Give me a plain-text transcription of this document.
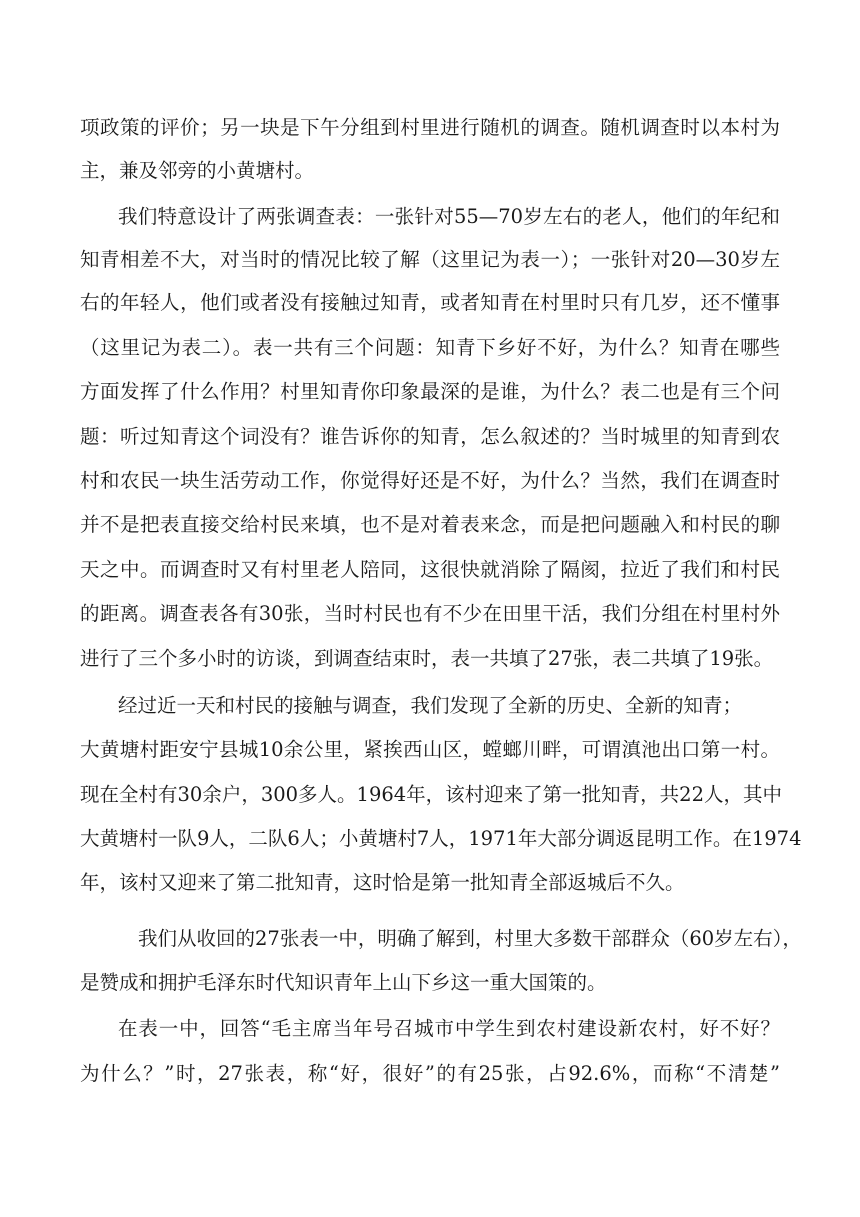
项政策的评价；另一块是下午分组到村里进行随机的调查。随机调查时以本村为
主，兼及邻旁的小黄塘村。
我们特意设计了两张调查表：一张针对55—70岁左右的老人，他们的年纪和
知青相差不大，对当时的情况比较了解（这里记为表一）；一张针对20—30岁左
右的年轻人，他们或者没有接触过知青，或者知青在村里时只有几岁，还不懂事
（这里记为表二）。表一共有三个问题：知青下乡好不好，为什么？知青在哪些
方面发挥了什么作用？村里知青你印象最深的是谁，为什么？表二也是有三个问
题：听过知青这个词没有？谁告诉你的知青，怎么叙述的？当时城里的知青到农
村和农民一块生活劳动工作，你觉得好还是不好，为什么？当然，我们在调查时
并不是把表直接交给村民来填，也不是对着表来念，而是把问题融入和村民的聊
天之中。而调查时又有村里老人陪同，这很快就消除了隔阂，拉近了我们和村民
的距离。调查表各有30张，当时村民也有不少在田里干活，我们分组在村里村外
进行了三个多小时的访谈，到调查结束时，表一共填了27张，表二共填了19张。
经过近一天和村民的接触与调查，我们发现了全新的历史、全新的知青；
大黄塘村距安宁县城10余公里，紧挨西山区，螳螂川畔，可谓滇池出口第一村。
现在全村有30余户，300多人。1964年，该村迎来了第一批知青，共22人，其中
大黄塘村一队9人，二队6人；小黄塘村7人，1971年大部分调返昆明工作。在1974
年，该村又迎来了第二批知青，这时恰是第一批知青全部返城后不久。
我们从收回的27张表一中，明确了解到，村里大多数干部群众（60岁左右），
是赞成和拥护毛泽东时代知识青年上山下乡这一重大国策的。
在表一中，回答“毛主席当年号召城市中学生到农村建设新农村，好不好？
为什么？”时，27张表，称“好，很好”的有25张，占92.6%，而称“不清楚”
